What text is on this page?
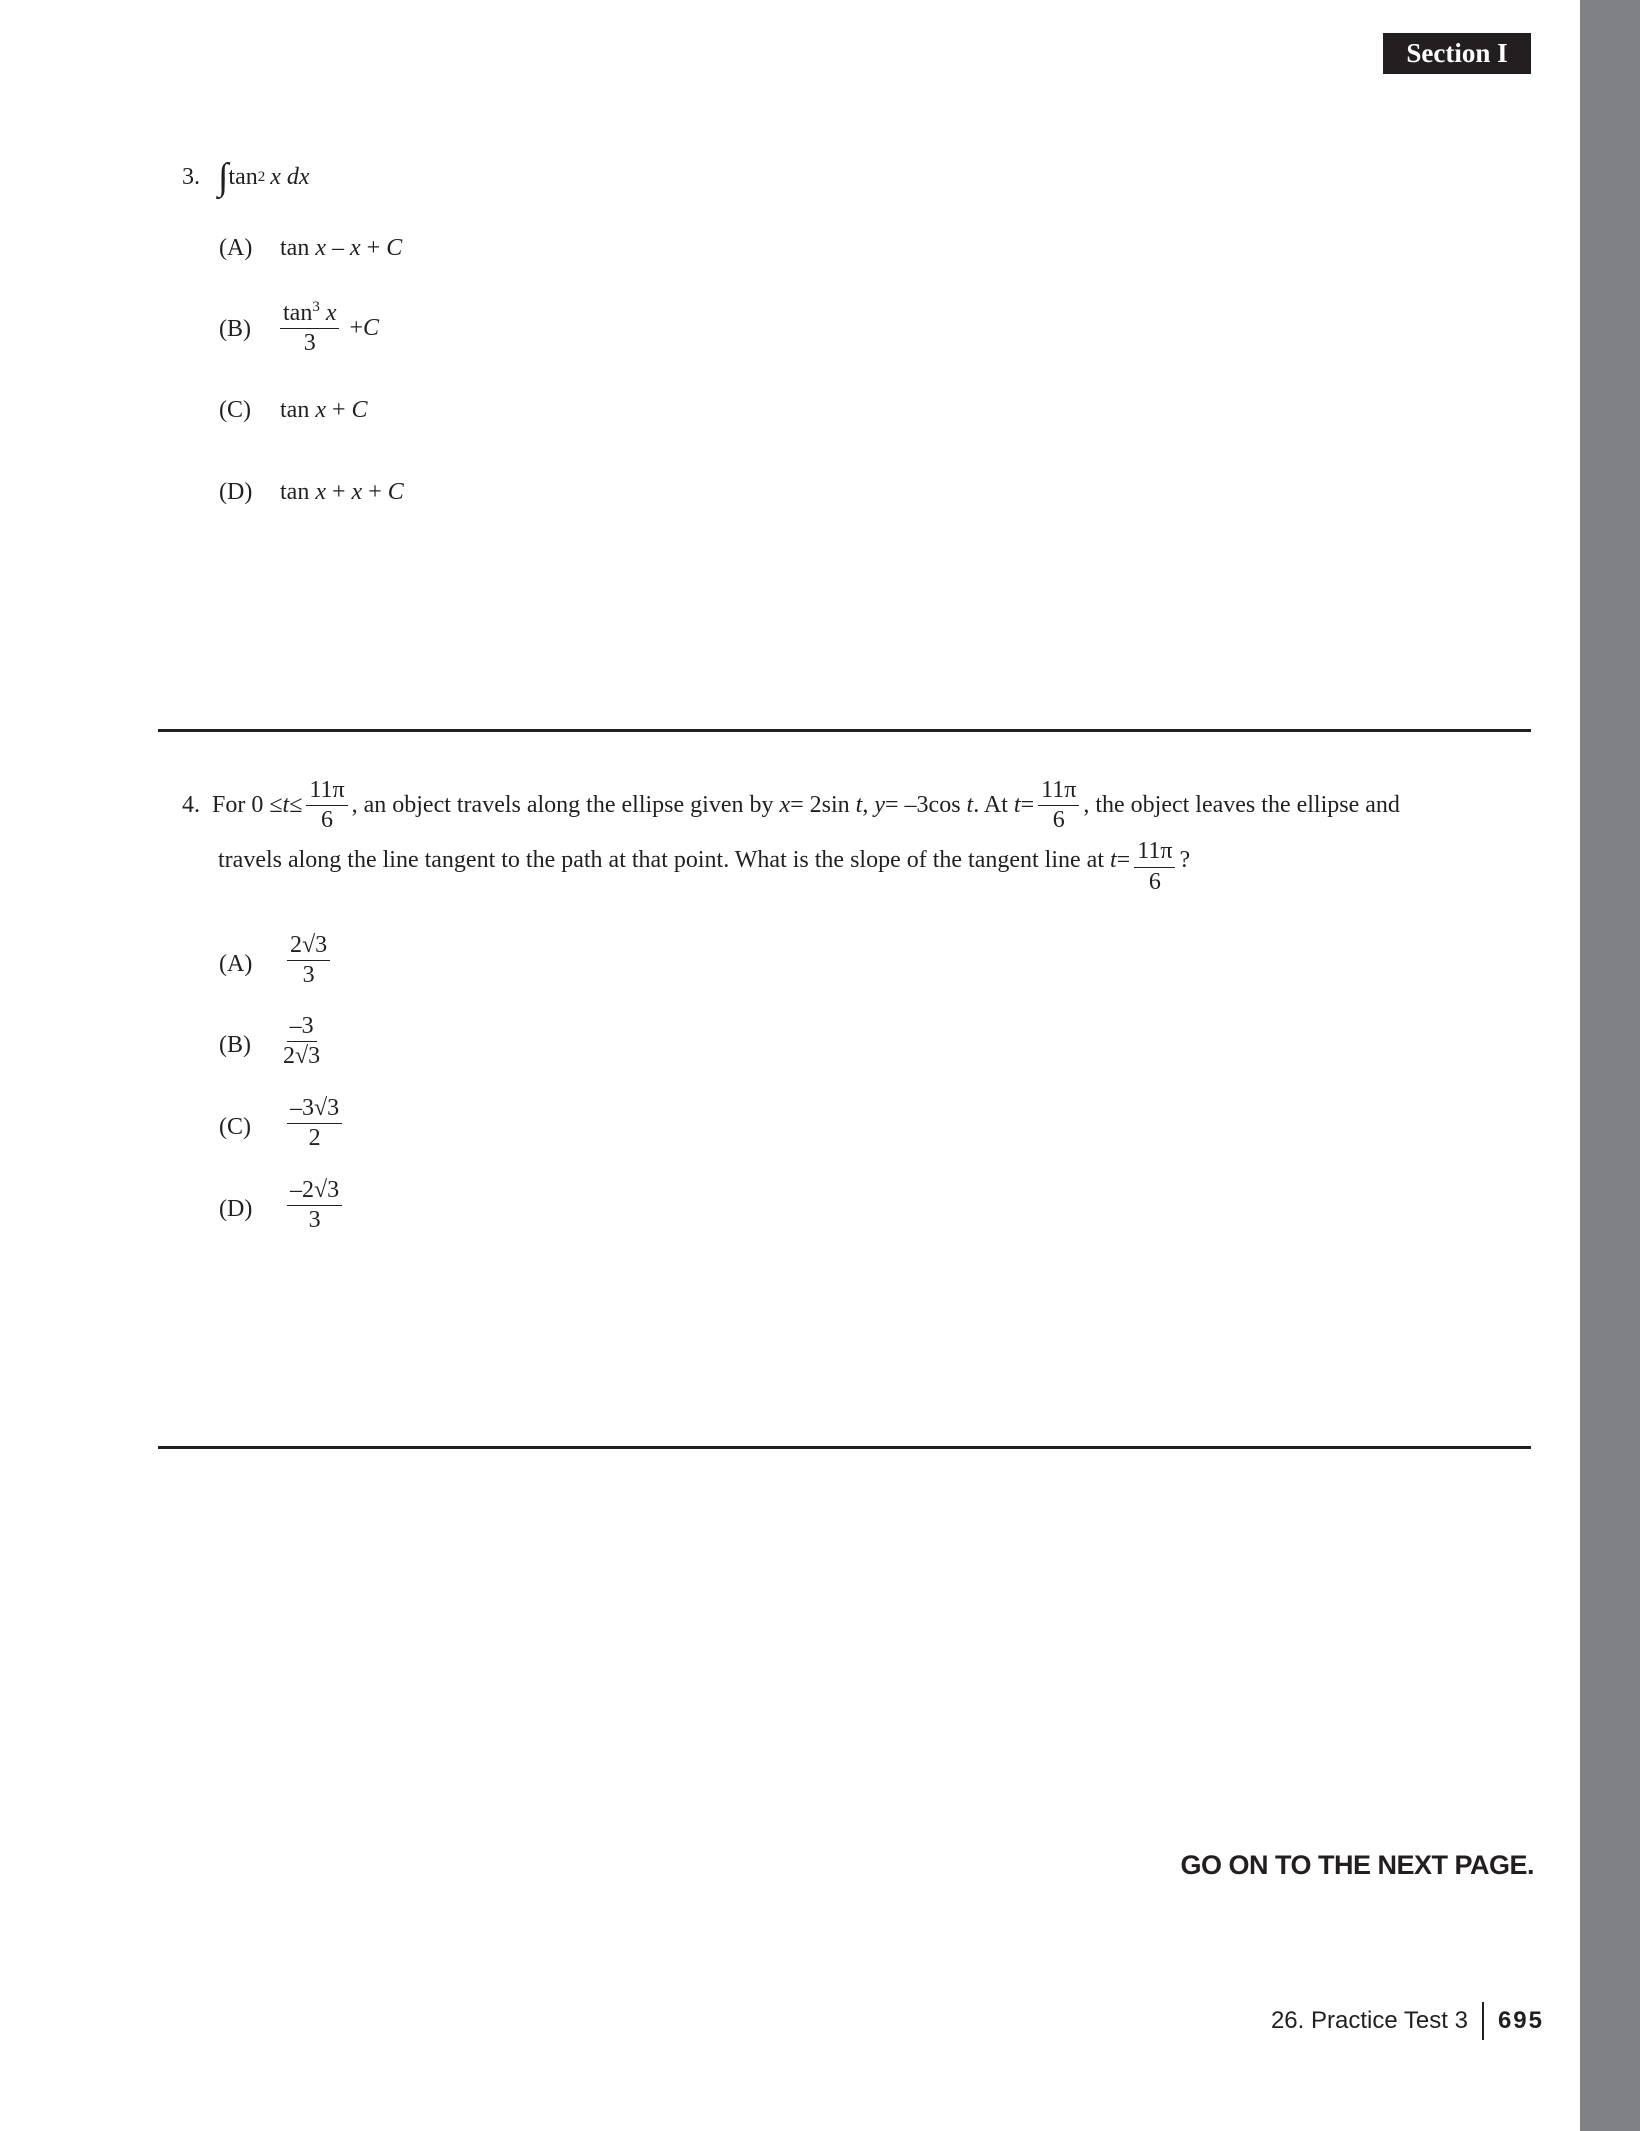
Section I
3. ∫ tan 2 x dx
(A) tan x – x + C
$(B) \frac{\tan^3 x}{3} + C$
(C) tan x + C
(D) tan x + x + C
4. For $0 \le t \le \frac{11\pi}{6}$ , an object travels along the ellipse given by x = 2sin t , y = –3cos t . At $t = \frac{11\pi}{6}$ , the object leaves the ellipse and
travels along the line tangent to the path at that point. What is the slope of the tangent line at $t = \frac{11\pi}{6}$ ?
$(A) \frac{2√3}{3}$
$(B) \frac{-3}{2√3}$
$(C) \frac{-3√3}{2}$
$(D) \frac{-2√3}{3}$
GO ON TO THE NEXT PAGE.
26. Practice Test 3 695
